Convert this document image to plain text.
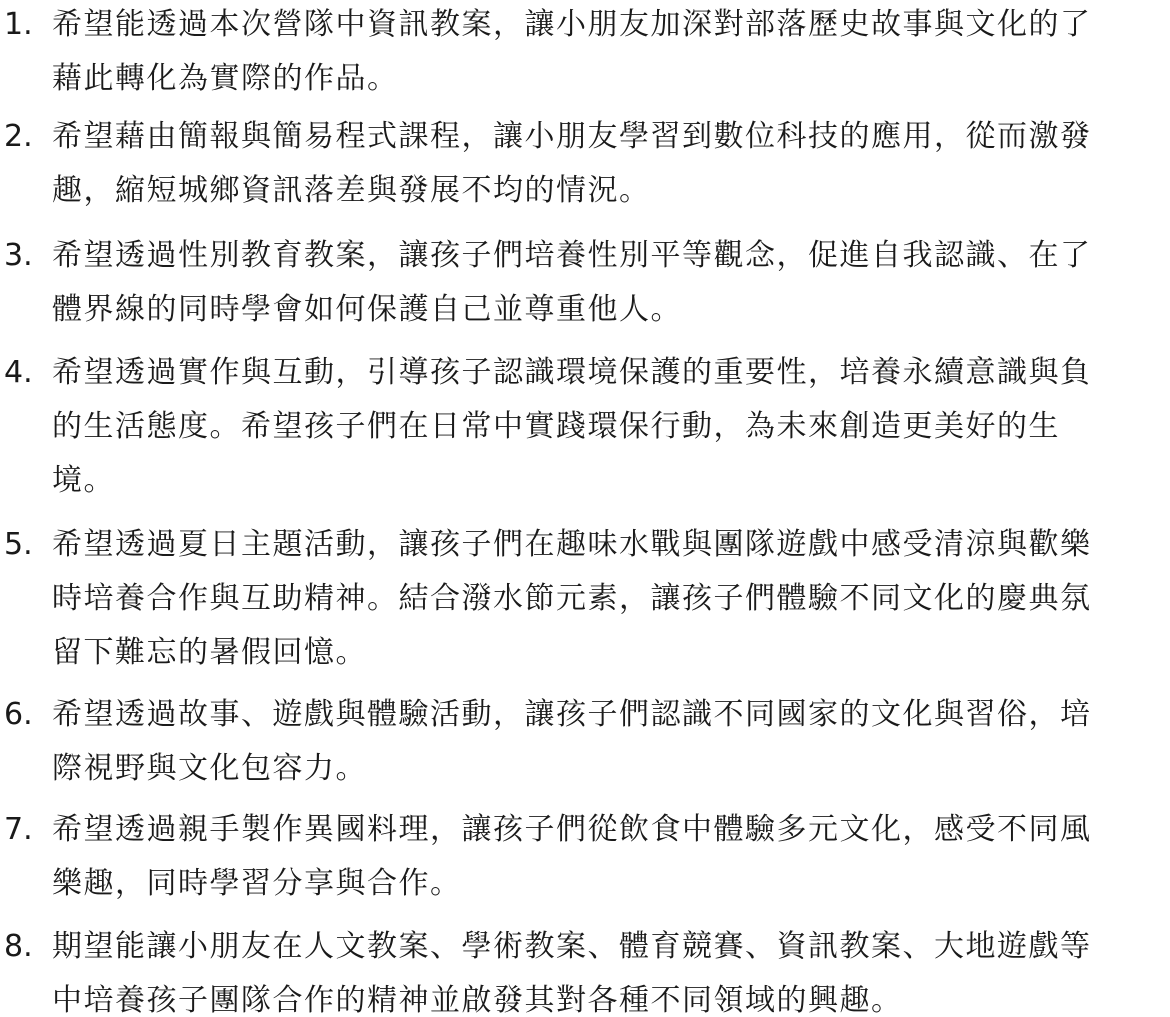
1. 希望能透過本次營隊中資訊教案，讓小朋友加深對部落歷史故事與文化的了
藉此轉化為實際的作品。
2. 希望藉由簡報與簡易程式課程，讓小朋友學習到數位科技的應用，從而激發
趣，縮短城鄉資訊落差與發展不均的情況。
3. 希望透過性別教育教案，讓孩子們培養性別平等觀念，促進自我認識、在了
體界線的同時學會如何保護自己並尊重他人。
4. 希望透過實作與互動，引導孩子認識環境保護的重要性，培養永續意識與負
的生活態度。希望孩子們在日常中實踐環保行動，為未來創造更美好的生
境。
5. 希望透過夏日主題活動，讓孩子們在趣味水戰與團隊遊戲中感受清涼與歡樂
時培養合作與互助精神。結合潑水節元素，讓孩子們體驗不同文化的慶典氛
留下難忘的暑假回憶。
6. 希望透過故事、遊戲與體驗活動，讓孩子們認識不同國家的文化與習俗，培
際視野與文化包容力。
7. 希望透過親手製作異國料理，讓孩子們從飲食中體驗多元文化，感受不同風
樂趣，同時學習分享與合作。
8. 期望能讓小朋友在人文教案、學術教案、體育競賽、資訊教案、大地遊戲等
中培養孩子團隊合作的精神並啟發其對各種不同領域的興趣。
